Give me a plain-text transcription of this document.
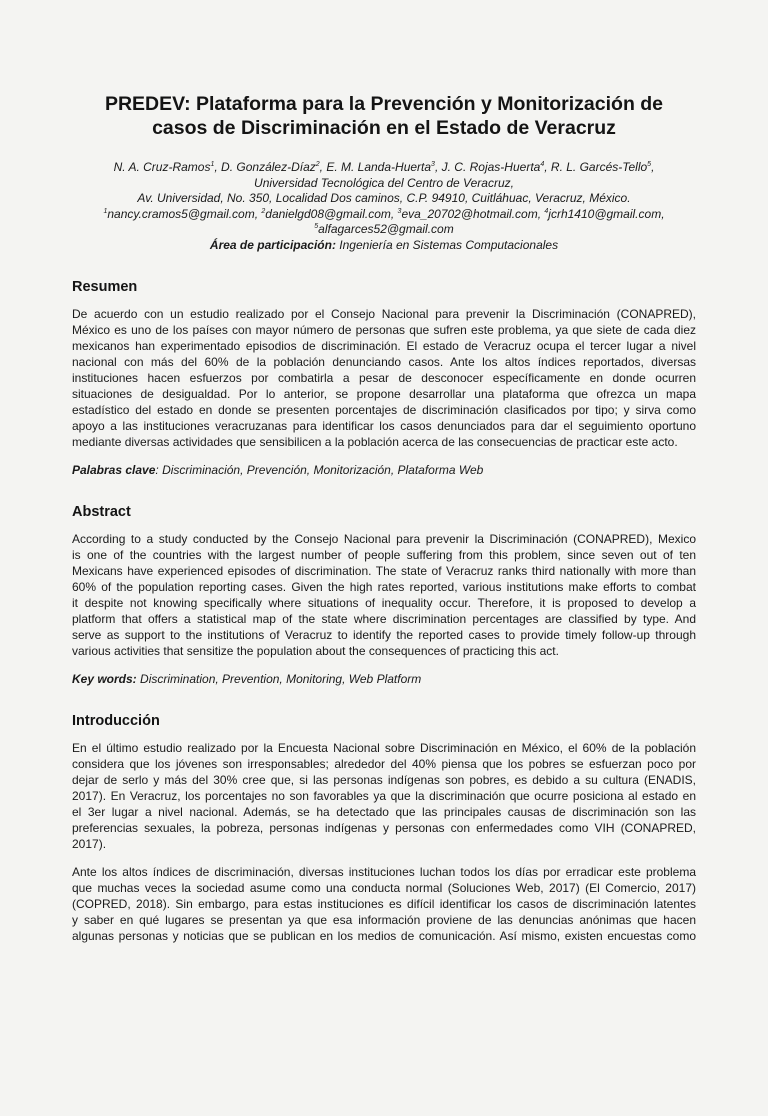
PREDEV: Plataforma para la Prevención y Monitorización de
casos de Discriminación en el Estado de Veracruz
N. A. Cruz-Ramos$^1$, D. González-Díaz$^2$, E. M. Landa-Huerta$^3$, J. C. Rojas-Huerta$^4$, R. L. Garcés-Tello$^5$,
Universidad Tecnológica del Centro de Veracruz,
Av. Universidad, No. 350, Localidad Dos caminos, C.P. 94910, Cuitláhuac, Veracruz, México.
$^1$nancy.cramos5@gmail.com, $^2$danielgd08@gmail.com, $^3$eva_20702@hotmail.com, $^4$jcrh1410@gmail.com,
$^5$alfagarces52@gmail.com
Área de participación: Ingeniería en Sistemas Computacionales
Resumen
De acuerdo con un estudio realizado por el Consejo Nacional para prevenir la Discriminación (CONAPRED),
México es uno de los países con mayor número de personas que sufren este problema, ya que siete de cada diez
mexicanos han experimentado episodios de discriminación. El estado de Veracruz ocupa el tercer lugar a nivel
nacional con más del 60% de la población denunciando casos. Ante los altos índices reportados, diversas
instituciones hacen esfuerzos por combatirla a pesar de desconocer específicamente en donde ocurren
situaciones de desigualdad. Por lo anterior, se propone desarrollar una plataforma que ofrezca un mapa
estadístico del estado en donde se presenten porcentajes de discriminación clasificados por tipo; y sirva como
apoyo a las instituciones veracruzanas para identificar los casos denunciados para dar el seguimiento oportuno
mediante diversas actividades que sensibilicen a la población acerca de las consecuencias de practicar este acto.
Palabras clave: Discriminación, Prevención, Monitorización, Plataforma Web
Abstract
According to a study conducted by the Consejo Nacional para prevenir la Discriminación (CONAPRED), Mexico
is one of the countries with the largest number of people suffering from this problem, since seven out of ten
Mexicans have experienced episodes of discrimination. The state of Veracruz ranks third nationally with more than
60% of the population reporting cases. Given the high rates reported, various institutions make efforts to combat
it despite not knowing specifically where situations of inequality occur. Therefore, it is proposed to develop a
platform that offers a statistical map of the state where discrimination percentages are classified by type. And
serve as support to the institutions of Veracruz to identify the reported cases to provide timely follow-up through
various activities that sensitize the population about the consequences of practicing this act.
Key words: Discrimination, Prevention, Monitoring, Web Platform
Introducción
En el último estudio realizado por la Encuesta Nacional sobre Discriminación en México, el 60% de la población
considera que los jóvenes son irresponsables; alrededor del 40% piensa que los pobres se esfuerzan poco por
dejar de serlo y más del 30% cree que, si las personas indígenas son pobres, es debido a su cultura (ENADIS,
2017). En Veracruz, los porcentajes no son favorables ya que la discriminación que ocurre posiciona al estado en
el 3er lugar a nivel nacional. Además, se ha detectado que las principales causas de discriminación son las
preferencias sexuales, la pobreza, personas indígenas y personas con enfermedades como VIH (CONAPRED,
2017).
Ante los altos índices de discriminación, diversas instituciones luchan todos los días por erradicar este problema
que muchas veces la sociedad asume como una conducta normal (Soluciones Web, 2017) (El Comercio, 2017)
(COPRED, 2018). Sin embargo, para estas instituciones es difícil identificar los casos de discriminación latentes
y saber en qué lugares se presentan ya que esa información proviene de las denuncias anónimas que hacen
algunas personas y noticias que se publican en los medios de comunicación. Así mismo, existen encuestas como
